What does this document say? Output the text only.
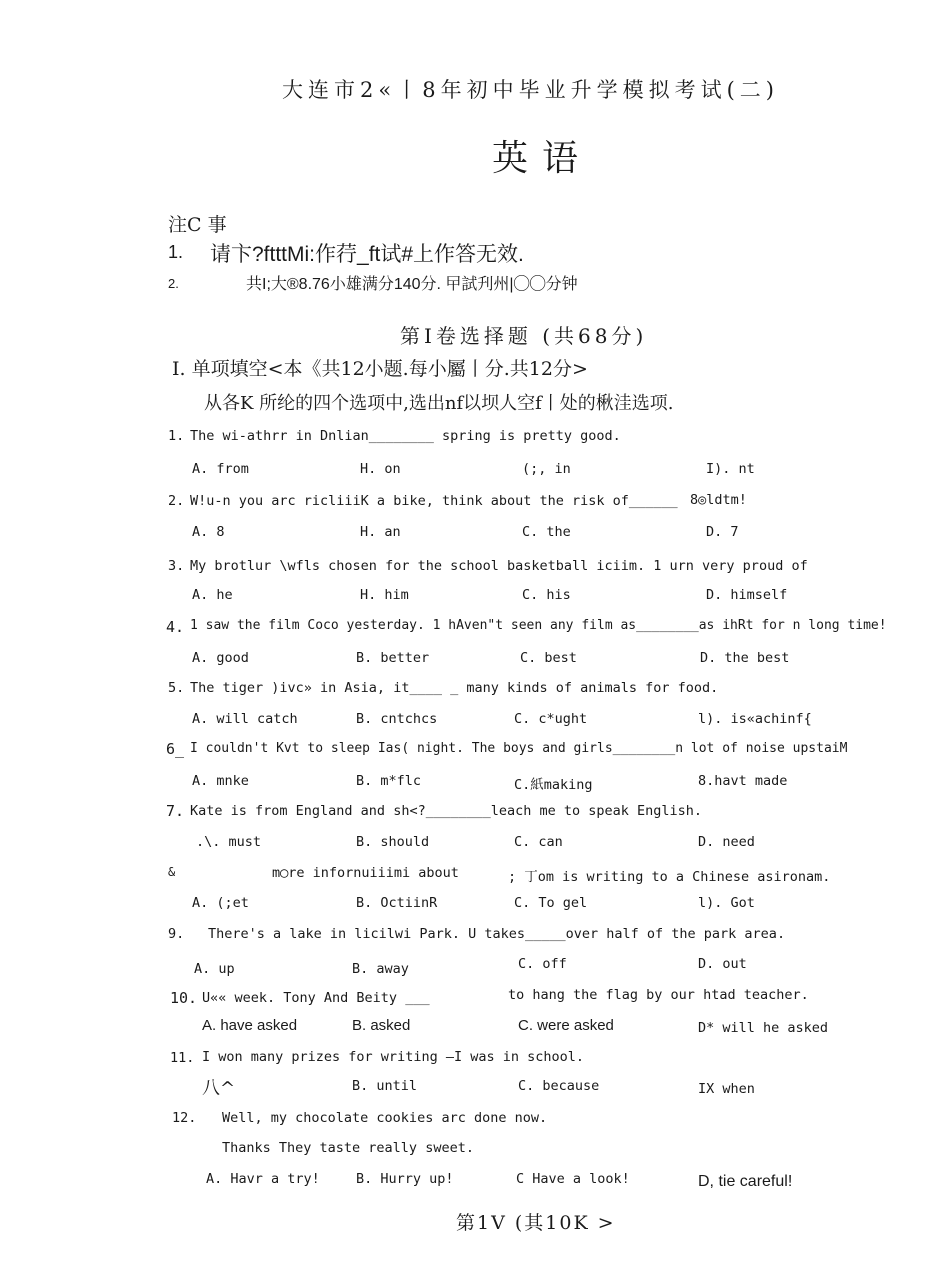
大连市2«丨8年初中毕业升学模拟考试(二)
英语
注C 事
1. 请卞?ftttMi:作荇_ft试#上作答无效.
2.	共I;大®8.76小雄满分140分. 曱試刋州|◯◯分钟
第I卷选择题 (共68分)
I. 单项填空<本《共12小题.每小屬丨分.共12分>
从各K 所纶的四个选项中,选出nf以坝人空f丨处的楸洼选项.
1. The wi-athrr in Dnlian________ spring is pretty good.
A. from	H. on	(;, in	I). nt
2. W!u-n you arc ricliiiK a bike, think about the risk of______ 8◎ldtm!
A. 8	H. an	C. the	D. 7
3. My brotlur \wfls chosen for the school basketball iciim. 1 urn very proud of
A. he	H. him	C. his	D. himself
4. 1 saw the film Coco yesterday. 1 hAven"t seen any film as________as ihRt for n long time!
A. good	B. better	C. best	D. the best
5. The tiger )ivc» in Asia, it____ _ many kinds of animals for food.
A. will catch	B. cntchcs	C. c*ught	l). is«achinf{
6_ I couldn't Kvt to sleep Ias( night. The boys and girls________n lot of noise upstaiM
A. mnke	B. m*flc	C.紙making	8.havt made
7. Kate is from England and sh<?________leach me to speak English.
.\. must	B. should	C. can	D. need
&	m◯re infornuiiimi about	; 丁om is writing to a Chinese asironam.
A. (;et	B. OctiinR	C. To gel	l). Got
9. There's a lake in licilwi Park. U takes_____over half of the park area.
A. up	B. away	C. off	D. out
10. U«« week. Tony And Beity ___	to hang the flag by our htad teacher.
A. have asked	B. asked	C. were asked	D* will he asked
11. I won many prizes for writing —I was in school.
八^	B. until	C. because	IX when
12. Well, my chocolate cookies arc done now.
Thanks They taste really sweet.
A. Havr a try!	B. Hurry up!	C Have a look!	D, tie careful!
第1V (其10K >
